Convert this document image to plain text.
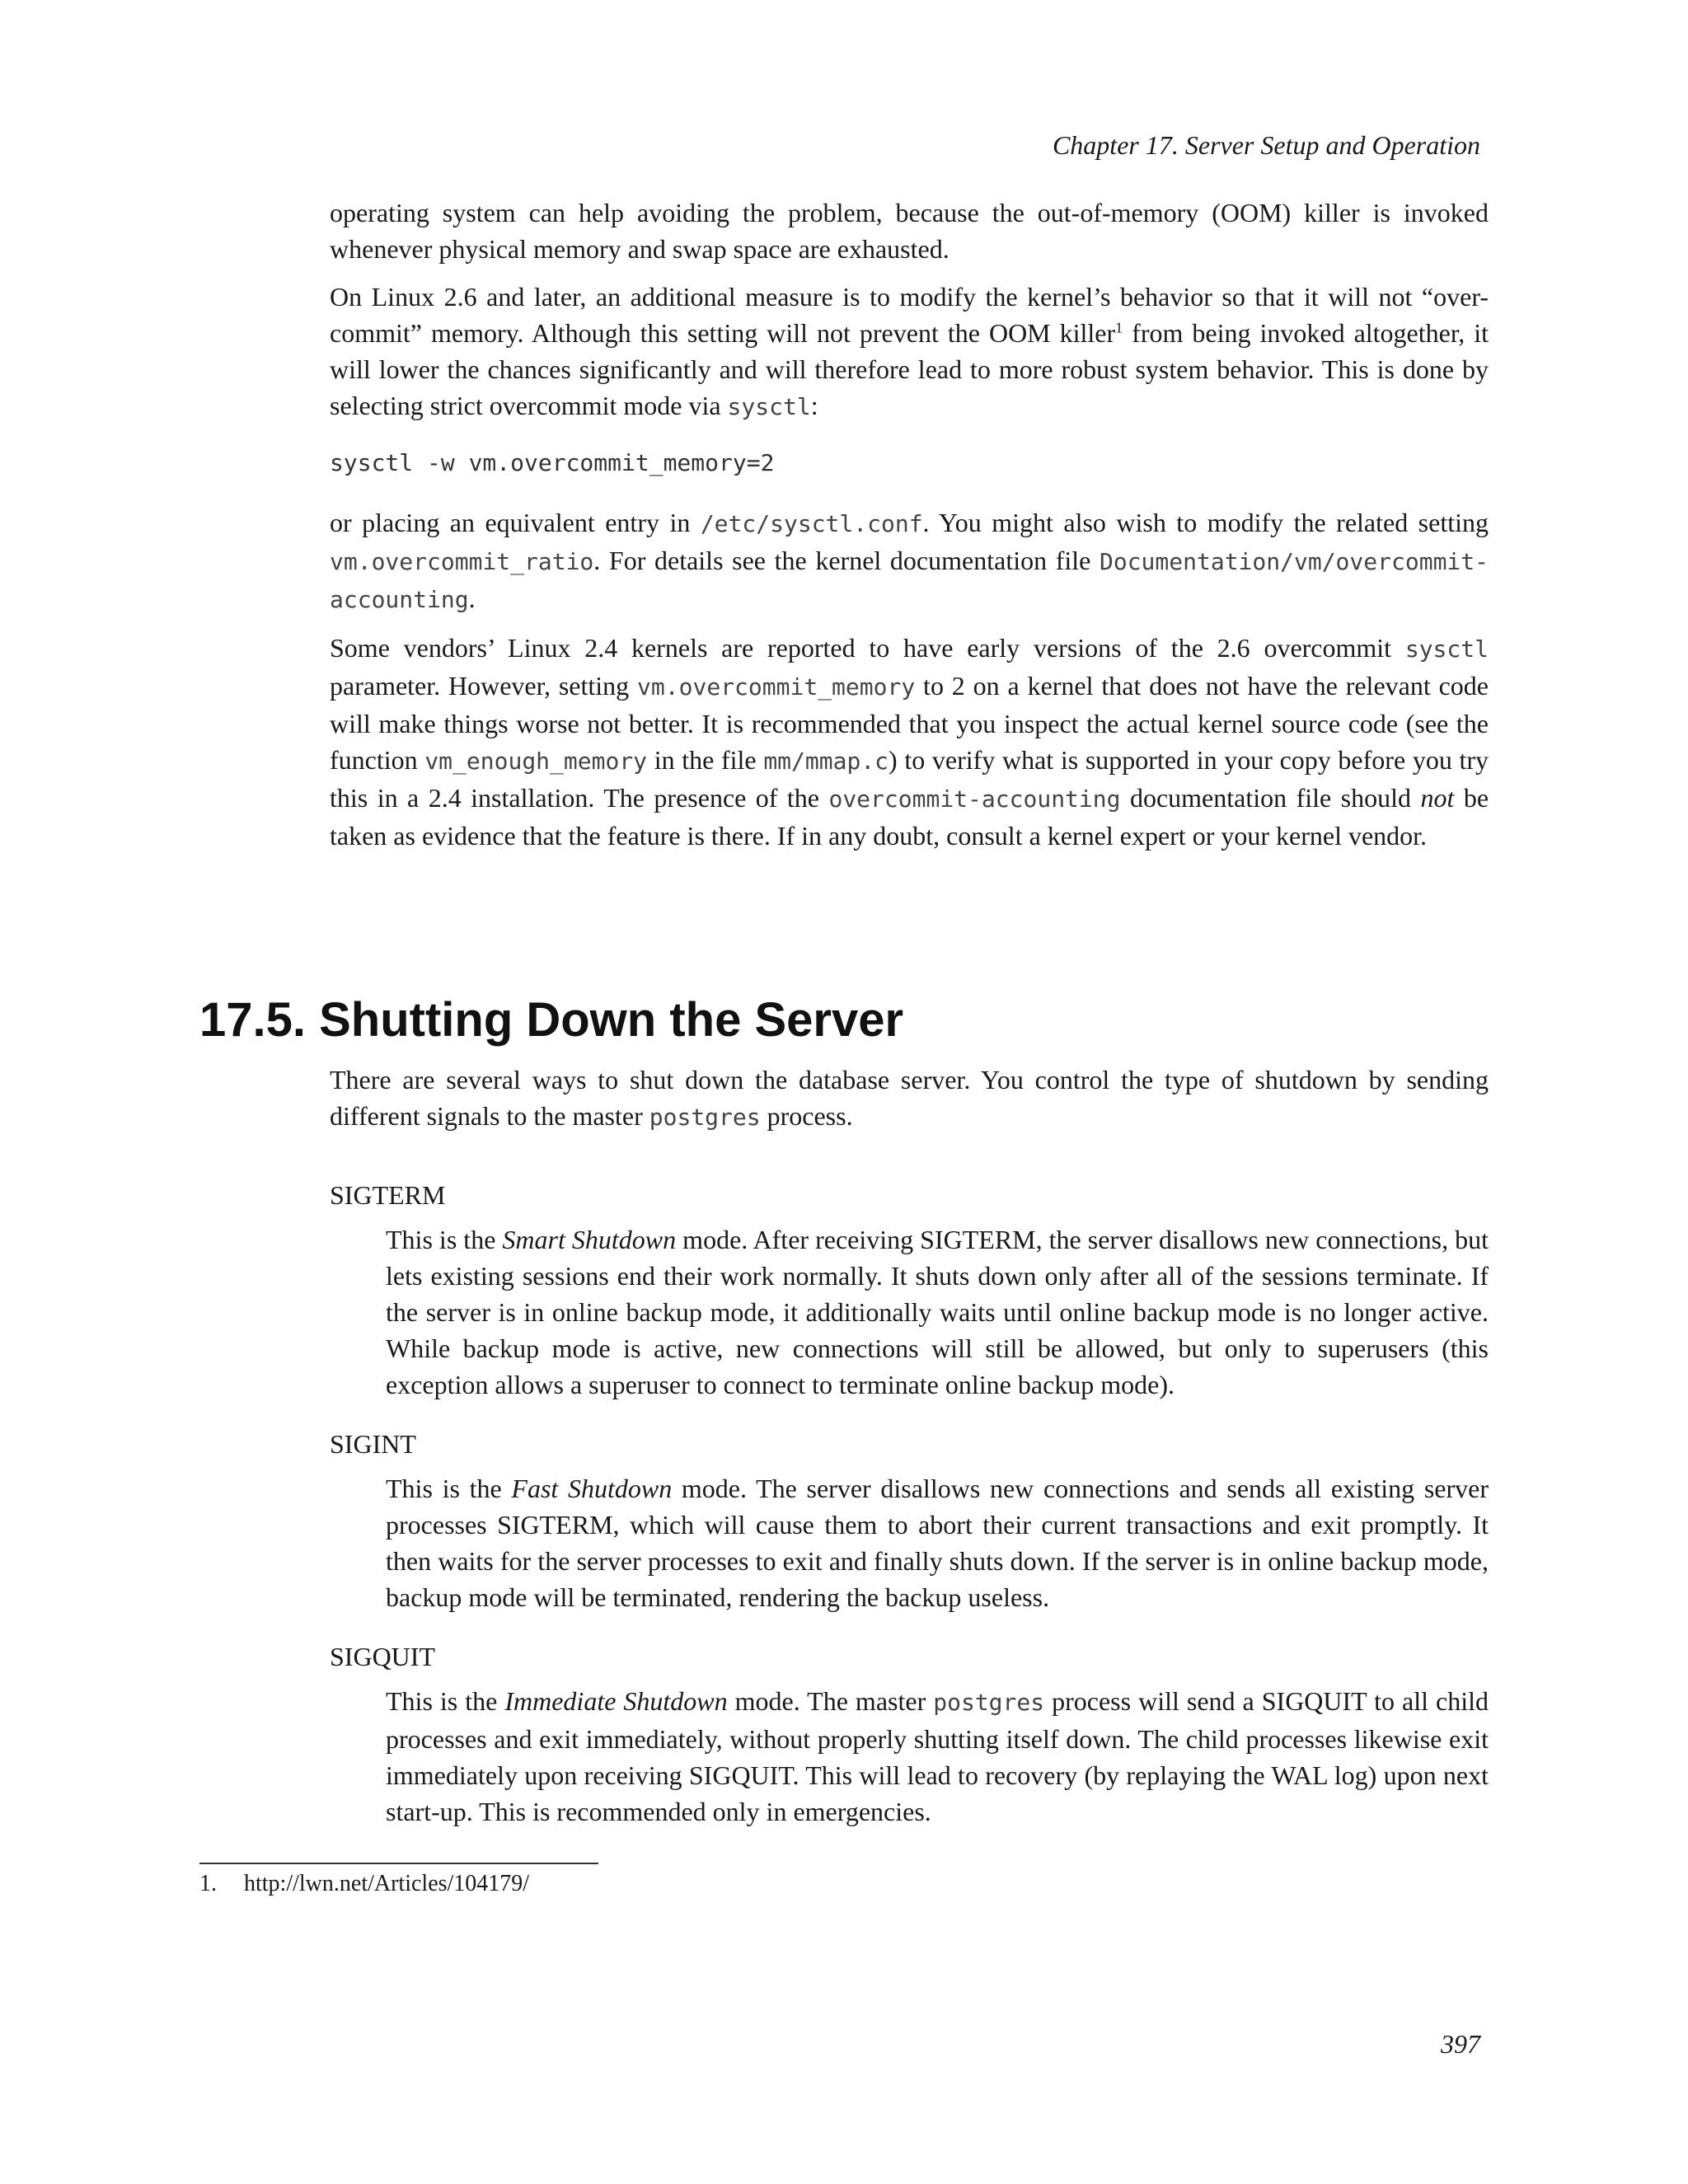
Chapter 17. Server Setup and Operation

operating system can help avoiding the problem, because the out-of-memory (OOM) killer is invoked whenever physical memory and swap space are exhausted.

On Linux 2.6 and later, an additional measure is to modify the kernel’s behavior so that it will not “over-commit” memory. Although this setting will not prevent the OOM killer$^1$ from being invoked altogether, it will lower the chances significantly and will therefore lead to more robust system behavior. This is done by selecting strict overcommit mode via sysctl:

sysctl -w vm.overcommit_memory=2

or placing an equivalent entry in /etc/sysctl.conf. You might also wish to modify the related setting vm.overcommit_ratio. For details see the kernel documentation file Documentation/vm/overcommit-accounting.

Some vendors’ Linux 2.4 kernels are reported to have early versions of the 2.6 overcommit sysctl parameter. However, setting vm.overcommit_memory to 2 on a kernel that does not have the relevant code will make things worse not better. It is recommended that you inspect the actual kernel source code (see the function vm_enough_memory in the file mm/mmap.c) to verify what is supported in your copy before you try this in a 2.4 installation. The presence of the overcommit-accounting documentation file should not be taken as evidence that the feature is there. If in any doubt, consult a kernel expert or your kernel vendor.

17.5. Shutting Down the Server

There are several ways to shut down the database server. You control the type of shutdown by sending different signals to the master postgres process.

SIGTERM
This is the Smart Shutdown mode. After receiving SIGTERM, the server disallows new connections, but lets existing sessions end their work normally. It shuts down only after all of the sessions terminate. If the server is in online backup mode, it additionally waits until online backup mode is no longer active. While backup mode is active, new connections will still be allowed, but only to superusers (this exception allows a superuser to connect to terminate online backup mode).
SIGINT
This is the Fast Shutdown mode. The server disallows new connections and sends all existing server processes SIGTERM, which will cause them to abort their current transactions and exit promptly. It then waits for the server processes to exit and finally shuts down. If the server is in online backup mode, backup mode will be terminated, rendering the backup useless.
SIGQUIT
This is the Immediate Shutdown mode. The master postgres process will send a SIGQUIT to all child processes and exit immediately, without properly shutting itself down. The child processes likewise exit immediately upon receiving SIGQUIT. This will lead to recovery (by replaying the WAL log) upon next start-up. This is recommended only in emergencies.
1. http://lwn.net/Articles/104179/
397
